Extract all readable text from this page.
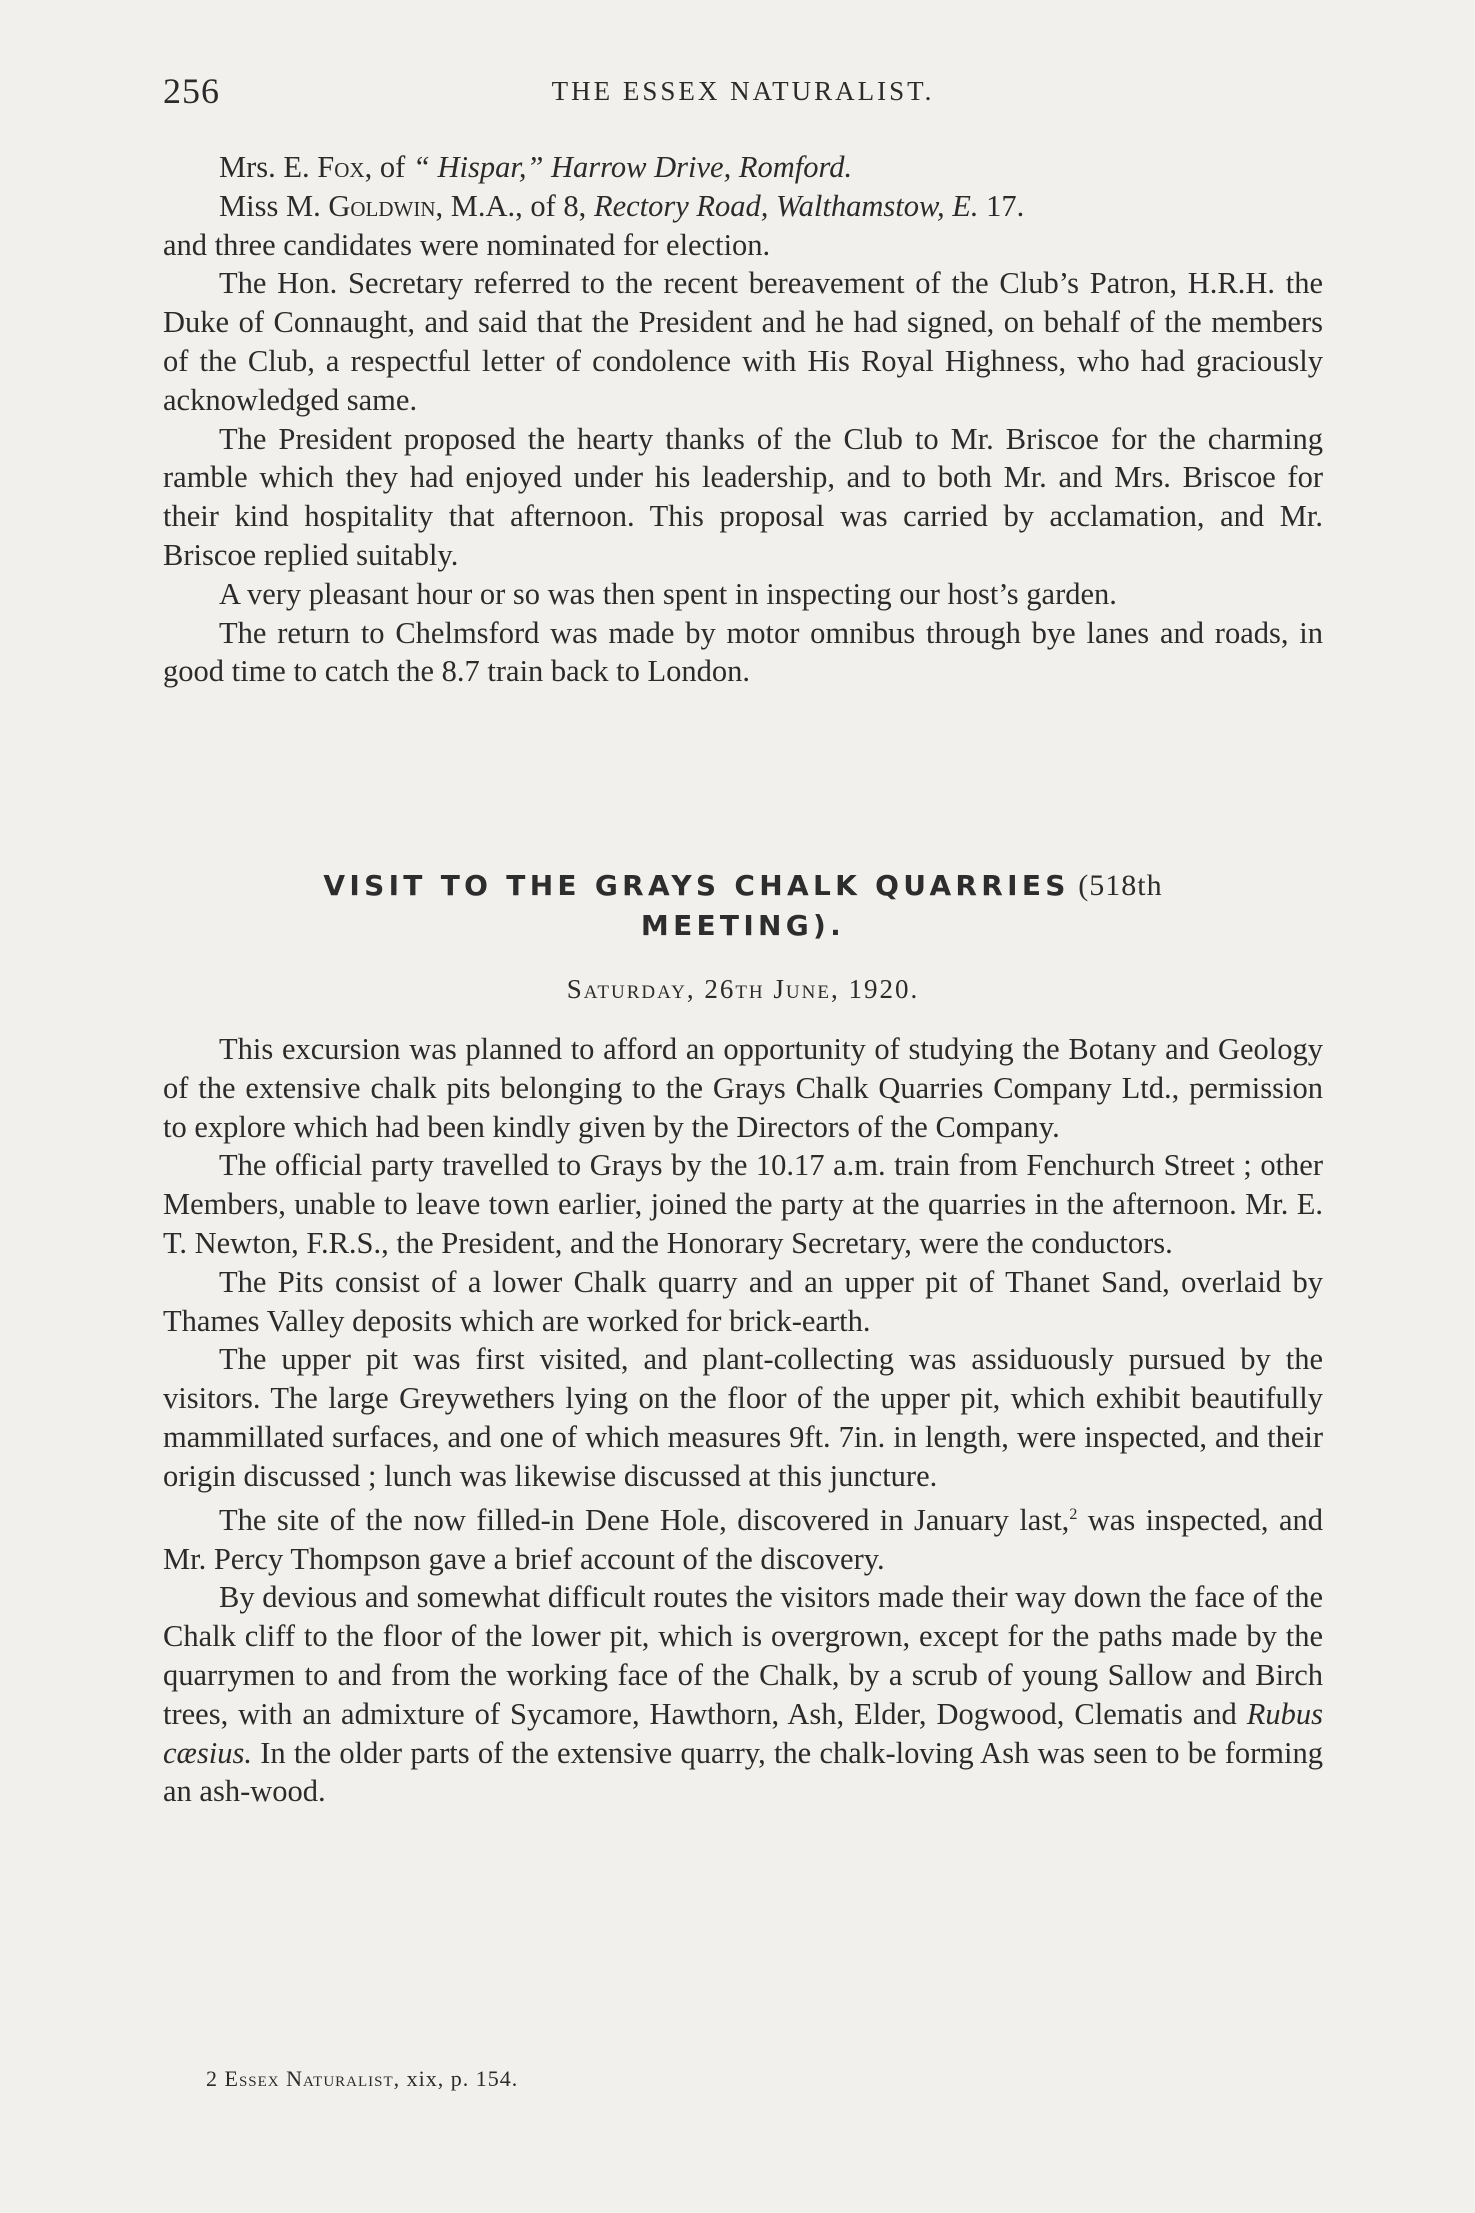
256	THE ESSEX NATURALIST.

Mrs. E. Fox, of “ Hispar,” Harrow Drive, Romford.

Miss M. Goldwin, M.A., of 8, Rectory Road, Walthamstow, E. 17.

and three candidates were nominated for election.

The Hon. Secretary referred to the recent bereavement of the Club’s Patron, H.R.H. the Duke of Connaught, and said that the President and he had signed, on behalf of the members of the Club, a respectful letter of condolence with His Royal Highness, who had graciously acknowledged same.

The President proposed the hearty thanks of the Club to Mr. Briscoe for the charming ramble which they had enjoyed under his leadership, and to both Mr. and Mrs. Briscoe for their kind hospitality that afternoon. This proposal was carried by acclamation, and Mr. Briscoe replied suitably.

A very pleasant hour or so was then spent in inspecting our host’s garden.

The return to Chelmsford was made by motor omnibus through bye lanes and roads, in good time to catch the 8.7 train back to London.

VISIT TO THE GRAYS CHALK QUARRIES (518th
MEETING).
Saturday, 26th June, 1920.

This excursion was planned to afford an opportunity of studying the Botany and Geology of the extensive chalk pits belonging to the Grays Chalk Quarries Company Ltd., permission to explore which had been kindly given by the Directors of the Company.

The official party travelled to Grays by the 10.17 a.m. train from Fenchurch Street ; other Members, unable to leave town earlier, joined the party at the quarries in the afternoon. Mr. E. T. Newton, F.R.S., the President, and the Honorary Secretary, were the conductors.

The Pits consist of a lower Chalk quarry and an upper pit of Thanet Sand, overlaid by Thames Valley deposits which are worked for brick-earth.

The upper pit was first visited, and plant-collecting was assiduously pursued by the visitors. The large Greywethers lying on the floor of the upper pit, which exhibit beautifully mammillated surfaces, and one of which measures 9ft. 7in. in length, were inspected, and their origin discussed ; lunch was likewise discussed at this juncture.

The site of the now filled-in Dene Hole, discovered in January last,$^2$ was inspected, and Mr. Percy Thompson gave a brief account of the discovery.

By devious and somewhat difficult routes the visitors made their way down the face of the Chalk cliff to the floor of the lower pit, which is overgrown, except for the paths made by the quarrymen to and from the working face of the Chalk, by a scrub of young Sallow and Birch trees, with an admixture of Sycamore, Hawthorn, Ash, Elder, Dogwood, Clematis and Rubus cæsius. In the older parts of the extensive quarry, the chalk-loving Ash was seen to be forming an ash-wood.

2 Essex Naturalist, xix, p. 154.
